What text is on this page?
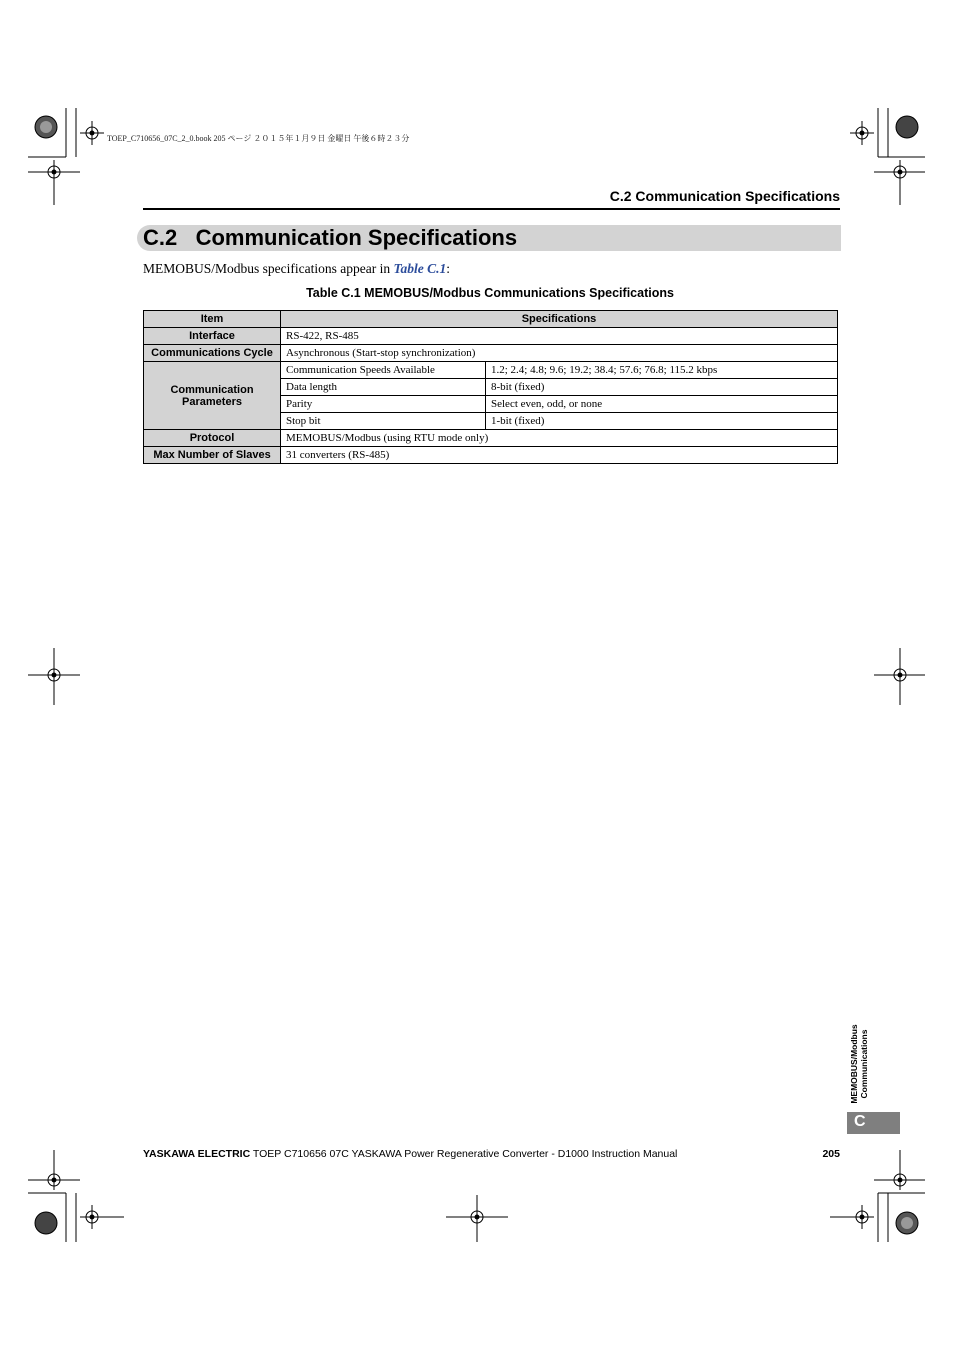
TOEP_C710656_07C_2_0.book 205 ページ ２０１５年１月９日 金曜日 午後６時２３分
C.2 Communication Specifications
C.2 Communication Specifications
MEMOBUS/Modbus specifications appear in Table C.1:
Table C.1 MEMOBUS/Modbus Communications Specifications
Item	Specifications	
Interface	RS-422, RS-485	
Communications Cycle	Asynchronous (Start-stop synchronization)	
Communication Parameters	Communication Speeds Available	1.2; 2.4; 4.8; 9.6; 19.2; 38.4; 57.6; 76.8; 115.2 kbps
	Data length	8-bit (fixed)
	Parity	Select even, odd, or none
	Stop bit	1-bit (fixed)
Protocol	MEMOBUS/Modbus (using RTU mode only)	
Max Number of Slaves	31 converters (RS-485)	
MEMOBUS/Modbus Communications
C
YASKAWA ELECTRIC TOEP C710656 07C YASKAWA Power Regenerative Converter - D1000 Instruction Manual	205
